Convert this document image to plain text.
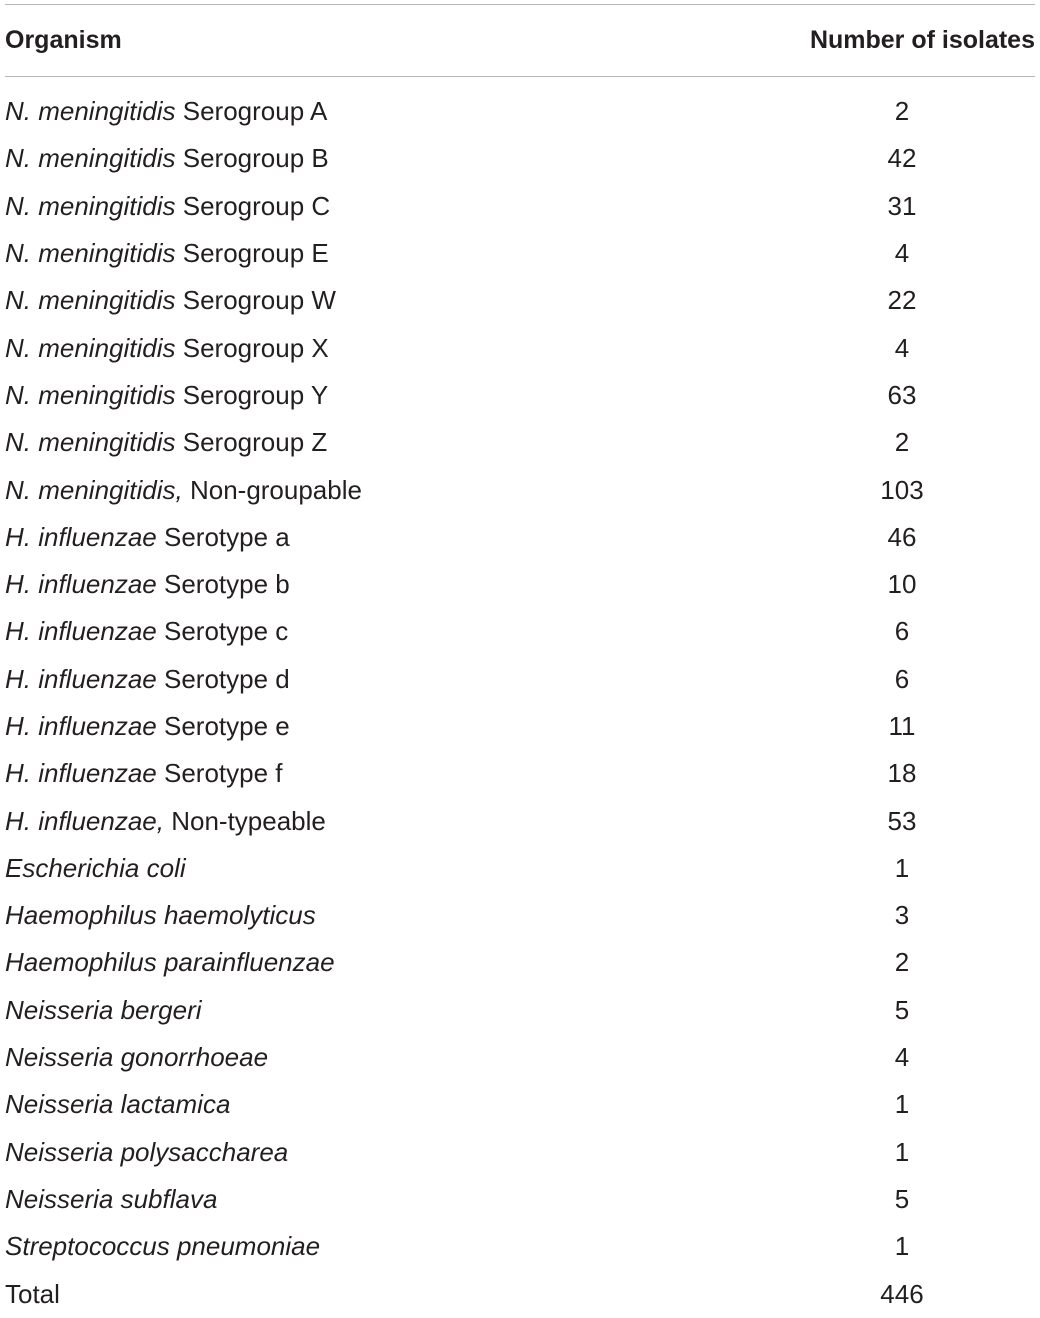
Organism	Number of isolates
N. meningitidis Serogroup A	2
N. meningitidis Serogroup B	42
N. meningitidis Serogroup C	31
N. meningitidis Serogroup E	4
N. meningitidis Serogroup W	22
N. meningitidis Serogroup X	4
N. meningitidis Serogroup Y	63
N. meningitidis Serogroup Z	2
N. meningitidis, Non-groupable	103
H. influenzae Serotype a	46
H. influenzae Serotype b	10
H. influenzae Serotype c	6
H. influenzae Serotype d	6
H. influenzae Serotype e	11
H. influenzae Serotype f	18
H. influenzae, Non-typeable	53
Escherichia coli	1
Haemophilus haemolyticus	3
Haemophilus parainfluenzae	2
Neisseria bergeri	5
Neisseria gonorrhoeae	4
Neisseria lactamica	1
Neisseria polysaccharea	1
Neisseria subflava	5
Streptococcus pneumoniae	1
Total	446
